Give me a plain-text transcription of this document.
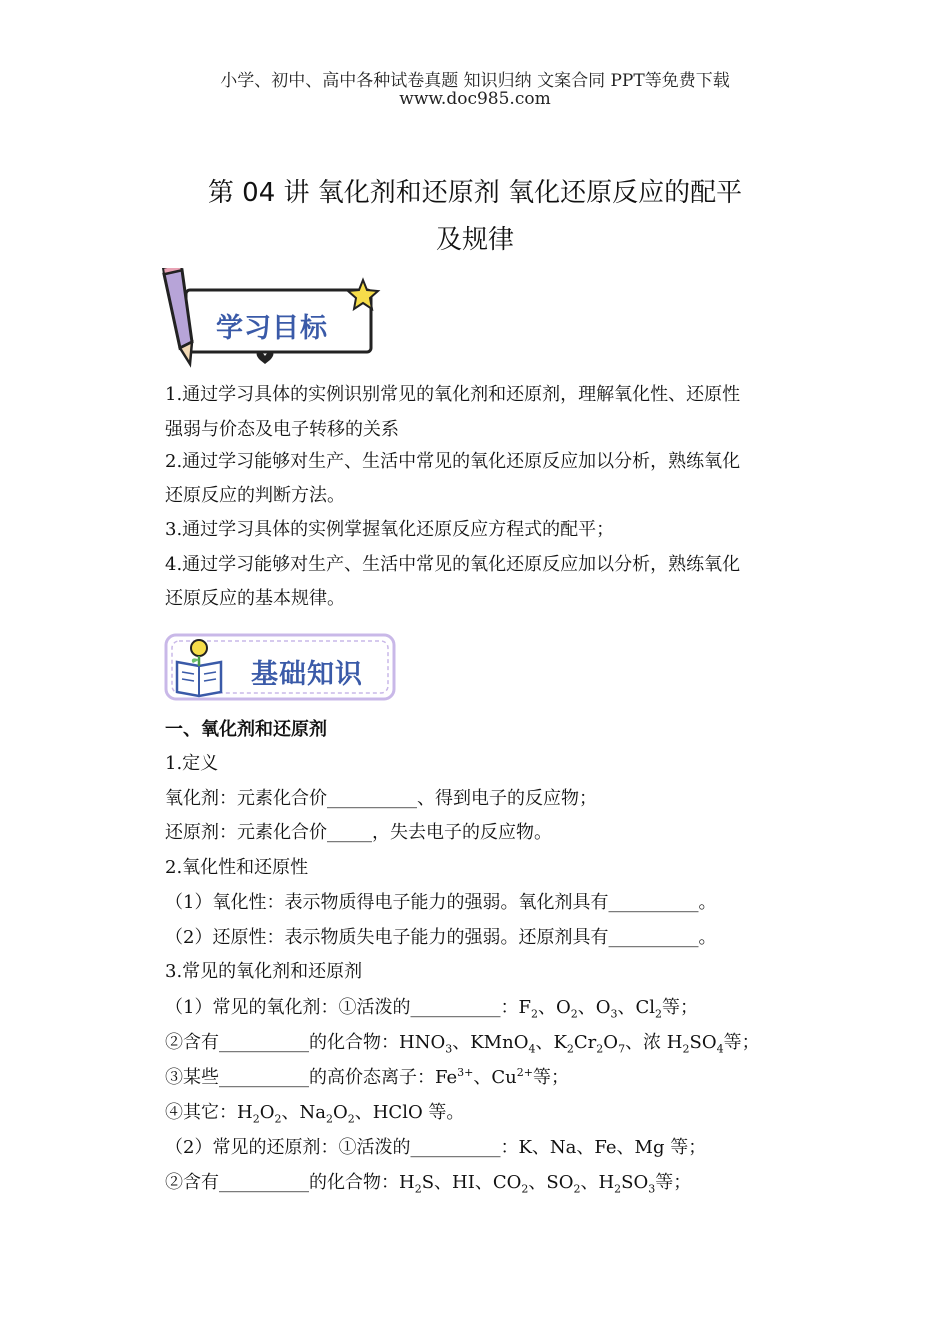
小学、初中、高中各种试卷真题 知识归纳 文案合同 PPT等免费下载
www.doc985.com
第 04 讲 氧化剂和还原剂 氧化还原反应的配平
及规律
学习目标
1.通过学习具体的实例识别常见的氧化剂和还原剂，理解氧化性、还原性
强弱与价态及电子转移的关系
2.通过学习能够对生产、生活中常见的氧化还原反应加以分析，熟练氧化
还原反应的判断方法。
3.通过学习具体的实例掌握氧化还原反应方程式的配平；
4.通过学习能够对生产、生活中常见的氧化还原反应加以分析，熟练氧化
还原反应的基本规律。
基础知识
一、氧化剂和还原剂
1.定义
氧化剂：元素化合价__________、得到电子的反应物；
还原剂：元素化合价_____，失去电子的反应物。
2.氧化性和还原性
（1）氧化性：表示物质得电子能力的强弱。氧化剂具有__________。
（2）还原性：表示物质失电子能力的强弱。还原剂具有__________。
3.常见的氧化剂和还原剂
（1）常见的氧化剂：①活泼的__________：$F_2$、$O_2$、$O_3$、$Cl_2$等；
②含有__________的化合物：$HNO_3$、KMnO$_4$、$K_2Cr_2O_7$、浓 $H_2SO_4$等；
③某些__________的高价态离子：$Fe^{3+}$、$Cu^{2+}$等；
④其它：$H_2O_2$、$Na_2O_2$、HClO 等。
（2）常见的还原剂：①活泼的__________：K、Na、Fe、Mg 等；
②含有__________的化合物：$H_2S$、HI、$CO_2$、$SO_2$、$H_2SO_3$等；
